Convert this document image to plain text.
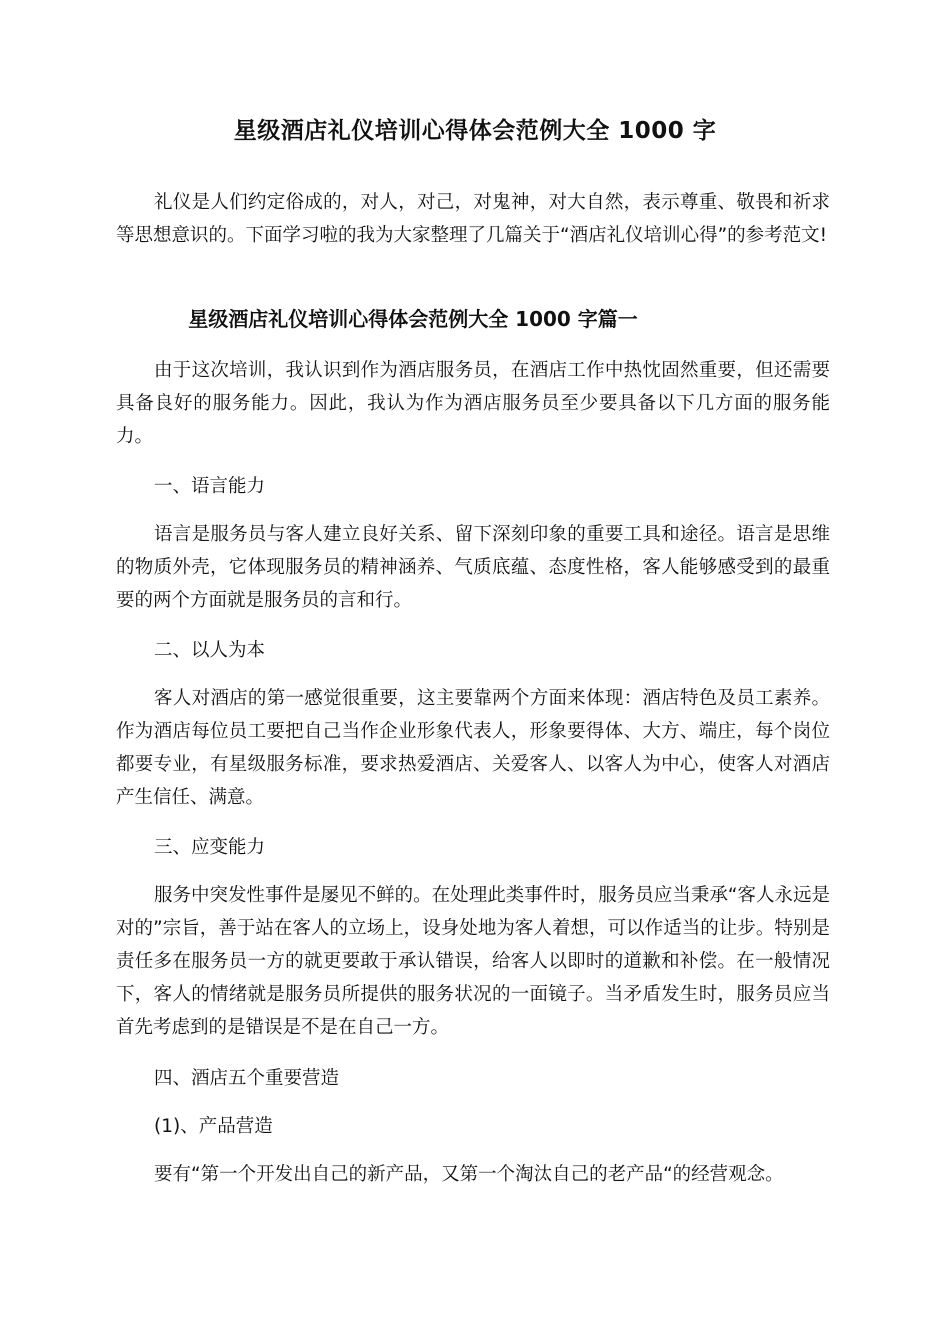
星级酒店礼仪培训心得体会范例大全 1000 字

礼仪是人们约定俗成的，对人，对己，对鬼神，对大自然，表示尊重、敬畏和祈求等思想意识的。下面学习啦的我为大家整理了几篇关于“酒店礼仪培训心得”的参考范文!

星级酒店礼仪培训心得体会范例大全 1000 字篇一

由于这次培训，我认识到作为酒店服务员，在酒店工作中热忱固然重要，但还需要具备良好的服务能力。因此，我认为作为酒店服务员至少要具备以下几方面的服务能力。

一、语言能力

语言是服务员与客人建立良好关系、留下深刻印象的重要工具和途径。语言是思维的物质外壳，它体现服务员的精神涵养、气质底蕴、态度性格，客人能够感受到的最重要的两个方面就是服务员的言和行。

二、以人为本

客人对酒店的第一感觉很重要，这主要靠两个方面来体现：酒店特色及员工素养。作为酒店每位员工要把自己当作企业形象代表人，形象要得体、大方、端庄，每个岗位都要专业，有星级服务标准，要求热爱酒店、关爱客人、以客人为中心，使客人对酒店产生信任、满意。

三、应变能力

服务中突发性事件是屡见不鲜的。在处理此类事件时，服务员应当秉承“客人永远是对的”宗旨，善于站在客人的立场上，设身处地为客人着想，可以作适当的让步。特别是责任多在服务员一方的就更要敢于承认错误，给客人以即时的道歉和补偿。在一般情况下，客人的情绪就是服务员所提供的服务状况的一面镜子。当矛盾发生时，服务员应当首先考虑到的是错误是不是在自己一方。

四、酒店五个重要营造

(1)、产品营造

要有“第一个开发出自己的新产品，又第一个淘汰自己的老产品“的经营观念。
